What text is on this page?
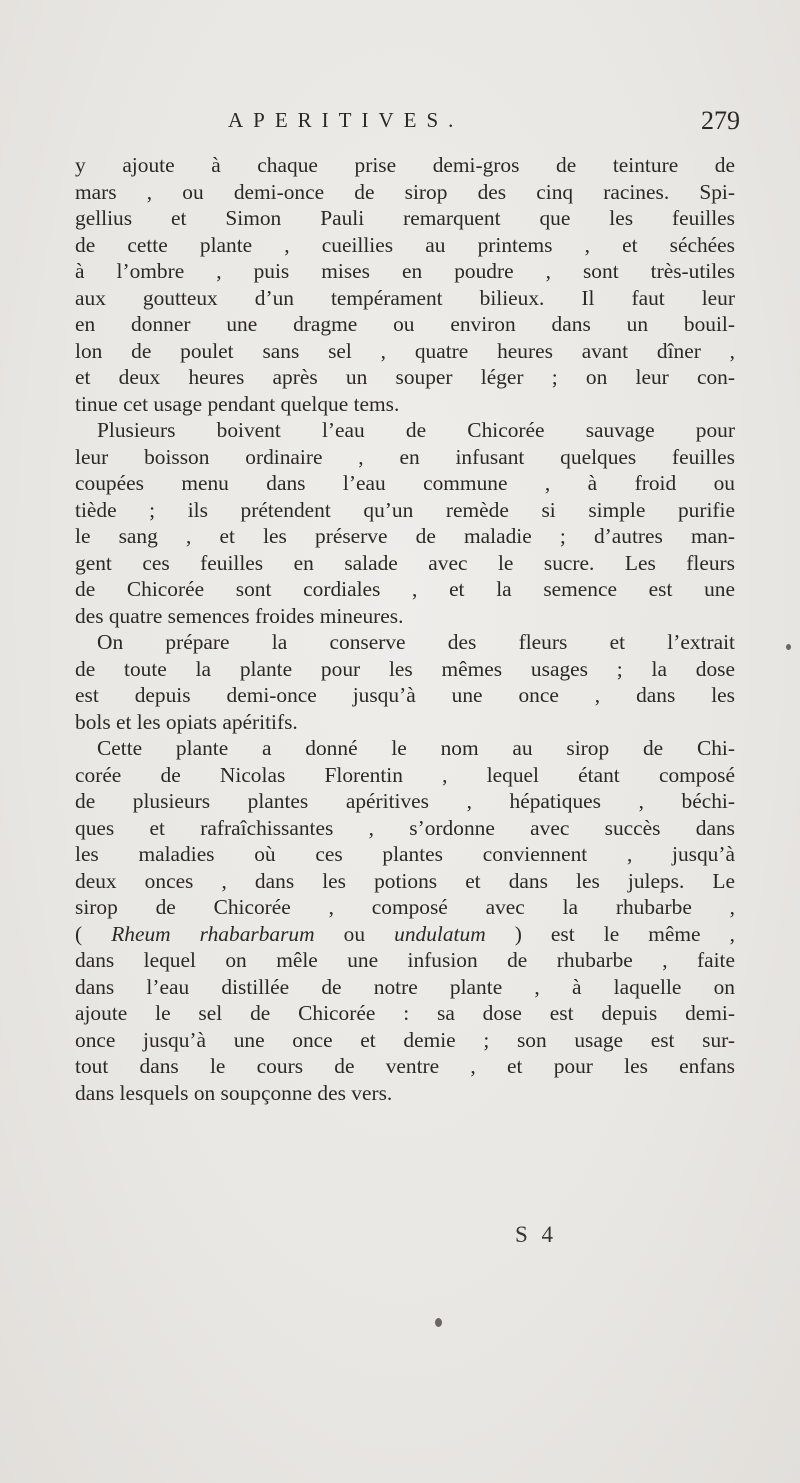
APERITIVES.	279
y ajoute à chaque prise demi-gros de teinture de
mars , ou demi-once de sirop des cinq racines. Spi-
gellius et Simon Pauli remarquent que les feuilles
de cette plante , cueillies au printems , et séchées
à l’ombre , puis mises en poudre , sont très-utiles
aux goutteux d’un tempérament bilieux. Il faut leur
en donner une dragme ou environ dans un bouil-
lon de poulet sans sel , quatre heures avant dîner ,
et deux heures après un souper léger ; on leur con-
tinue cet usage pendant quelque tems.
Plusieurs boivent l’eau de Chicorée sauvage pour
leur boisson ordinaire , en infusant quelques feuilles
coupées menu dans l’eau commune , à froid ou
tiède ; ils prétendent qu’un remède si simple purifie
le sang , et les préserve de maladie ; d’autres man-
gent ces feuilles en salade avec le sucre. Les fleurs
de Chicorée sont cordiales , et la semence est une
des quatre semences froides mineures.
On prépare la conserve des fleurs et l’extrait
de toute la plante pour les mêmes usages ; la dose
est depuis demi-once jusqu’à une once , dans les
bols et les opiats apéritifs.
Cette plante a donné le nom au sirop de Chi-
corée de Nicolas Florentin , lequel étant composé
de plusieurs plantes apéritives , hépatiques , béchi-
ques et rafraîchissantes , s’ordonne avec succès dans
les maladies où ces plantes conviennent , jusqu’à
deux onces , dans les potions et dans les juleps. Le
sirop de Chicorée , composé avec la rhubarbe ,
( Rheum rhabarbarum ou undulatum ) est le même ,
dans lequel on mêle une infusion de rhubarbe , faite
dans l’eau distillée de notre plante , à laquelle on
ajoute le sel de Chicorée : sa dose est depuis demi-
once jusqu’à une once et demie ; son usage est sur-
tout dans le cours de ventre , et pour les enfans
dans lesquels on soupçonne des vers.
S 4
